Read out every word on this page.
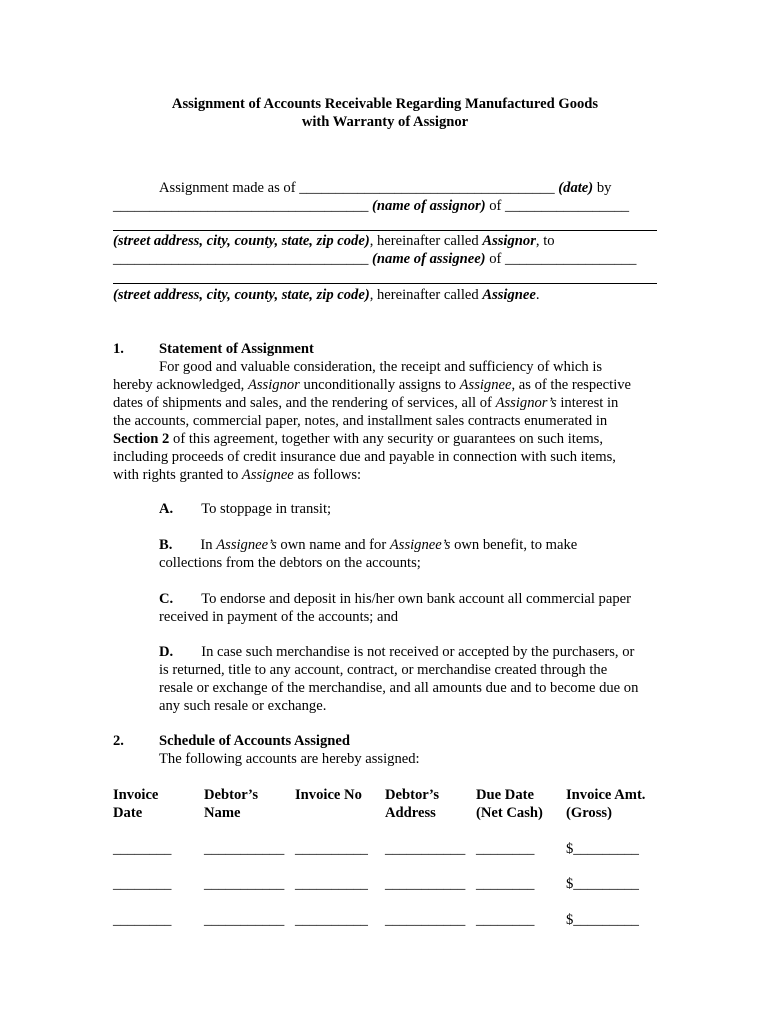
Assignment of Accounts Receivable Regarding Manufactured Goods
with Warranty of Assignor
Assignment made as of ___________________________________ (date) by
___________________________________ (name of assignor) of _________________
(street address, city, county, state, zip code), hereinafter called Assignor, to
___________________________________ (name of assignee) of __________________
(street address, city, county, state, zip code), hereinafter called Assignee.
1. Statement of Assignment
For good and valuable consideration, the receipt and sufficiency of which is
hereby acknowledged, Assignor unconditionally assigns to Assignee, as of the respective
dates of shipments and sales, and the rendering of services, all of Assignor’s interest in
the accounts, commercial paper, notes, and installment sales contracts enumerated in
Section 2 of this agreement, together with any security or guarantees on such items,
including proceeds of credit insurance due and payable in connection with such items,
with rights granted to Assignee as follows:
A. To stoppage in transit;
B. In Assignee’s own name and for Assignee’s own benefit, to make
collections from the debtors on the accounts;
C. To endorse and deposit in his/her own bank account all commercial paper
received in payment of the accounts; and
D. In case such merchandise is not received or accepted by the purchasers, or
is returned, title to any account, contract, or merchandise created through the
resale or exchange of the merchandise, and all amounts due and to become due on
any such resale or exchange.
2. Schedule of Accounts Assigned
The following accounts are hereby assigned:
Invoice
Date
Debtor’s
Name
Invoice No Debtor’s
Address
Due Date
(Net Cash)
Invoice Amt.
(Gross)
________ ___________ __________ ___________ ________ $_________
________ ___________ __________ ___________ ________ $_________
________ ___________ __________ ___________ ________ $_________
